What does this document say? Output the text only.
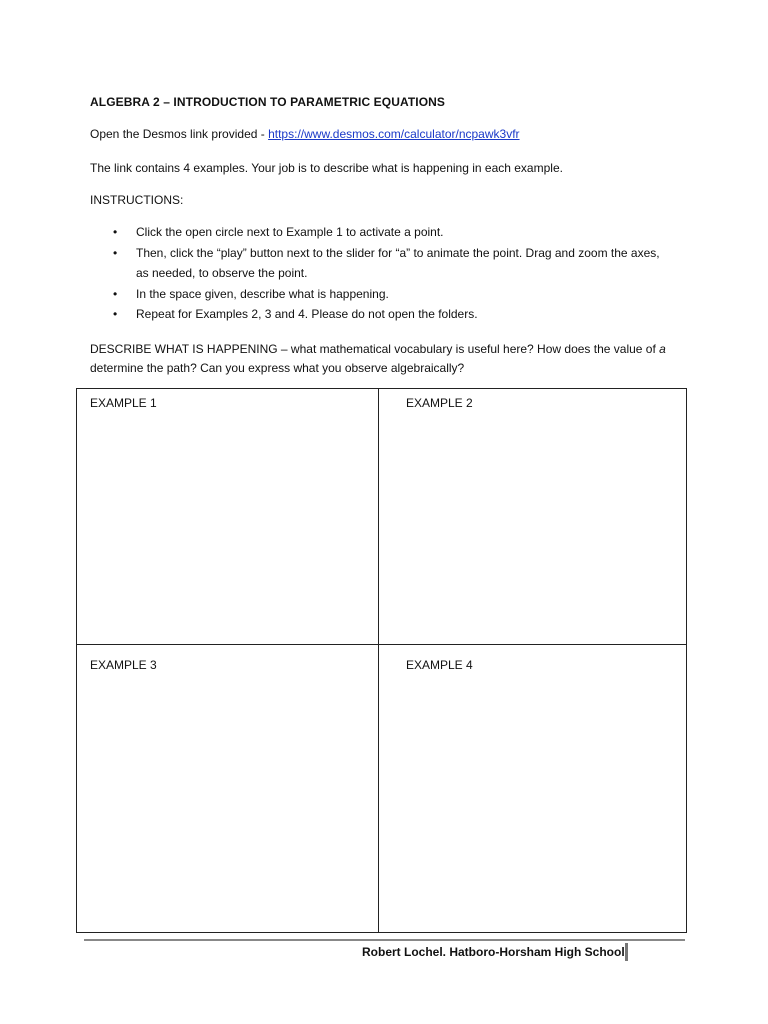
ALGEBRA 2 – INTRODUCTION TO PARAMETRIC EQUATIONS
Open the Desmos link provided - https://www.desmos.com/calculator/ncpawk3vfr
The link contains 4 examples. Your job is to describe what is happening in each example.
INSTRUCTIONS:
• Click the open circle next to Example 1 to activate a point.
• Then, click the “play” button next to the slider for “a” to animate the point. Drag and zoom the axes, as needed, to observe the point.
• In the space given, describe what is happening.
• Repeat for Examples 2, 3 and 4. Please do not open the folders.
DESCRIBE WHAT IS HAPPENING – what mathematical vocabulary is useful here? How does the value of a determine the path? Can you express what you observe algebraically?
EXAMPLE 1	EXAMPLE 2
EXAMPLE 3	EXAMPLE 4
Robert Lochel. Hatboro-Horsham High School
